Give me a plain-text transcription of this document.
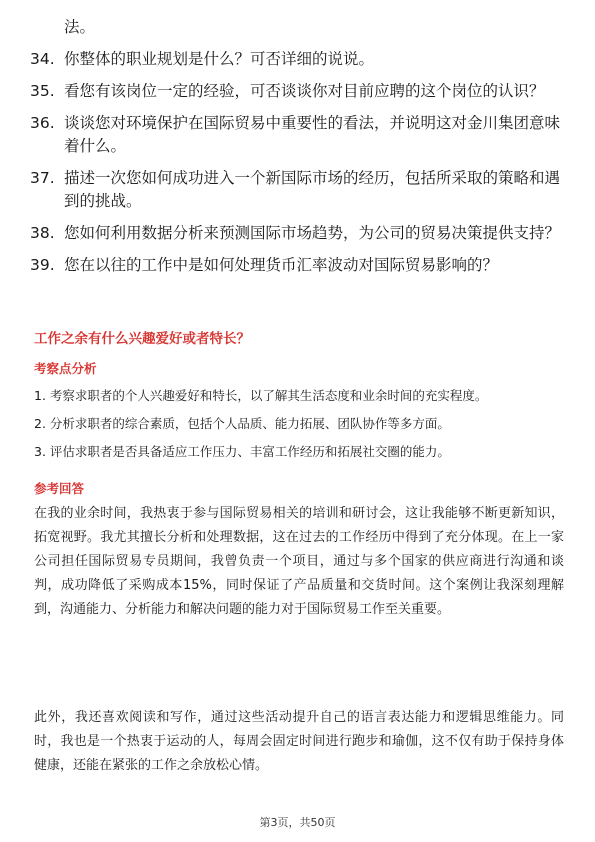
法。
34. 你整体的职业规划是什么？可否详细的说说。
35. 看您有该岗位一定的经验，可否谈谈你对目前应聘的这个岗位的认识？
36. 谈谈您对环境保护在国际贸易中重要性的看法，并说明这对金川集团意味着什么。
37. 描述一次您如何成功进入一个新国际市场的经历，包括所采取的策略和遇到的挑战。
38. 您如何利用数据分析来预测国际市场趋势，为公司的贸易决策提供支持？
39. 您在以往的工作中是如何处理货币汇率波动对国际贸易影响的？
工作之余有什么兴趣爱好或者特长？
考察点分析
1. 考察求职者的个人兴趣爱好和特长，以了解其生活态度和业余时间的充实程度。
2. 分析求职者的综合素质，包括个人品质、能力拓展、团队协作等多方面。
3. 评估求职者是否具备适应工作压力、丰富工作经历和拓展社交圈的能力。
参考回答
在我的业余时间，我热衷于参与国际贸易相关的培训和研讨会，这让我能够不断更新知识，拓宽视野。我尤其擅长分析和处理数据，这在过去的工作经历中得到了充分体现。在上一家公司担任国际贸易专员期间，我曾负责一个项目，通过与多个国家的供应商进行沟通和谈判，成功降低了采购成本15%，同时保证了产品质量和交货时间。这个案例让我深刻理解到，沟通能力、分析能力和解决问题的能力对于国际贸易工作至关重要。
此外，我还喜欢阅读和写作，通过这些活动提升自己的语言表达能力和逻辑思维能力。同时，我也是一个热衷于运动的人，每周会固定时间进行跑步和瑜伽，这不仅有助于保持身体健康，还能在紧张的工作之余放松心情。
第3页，共50页
